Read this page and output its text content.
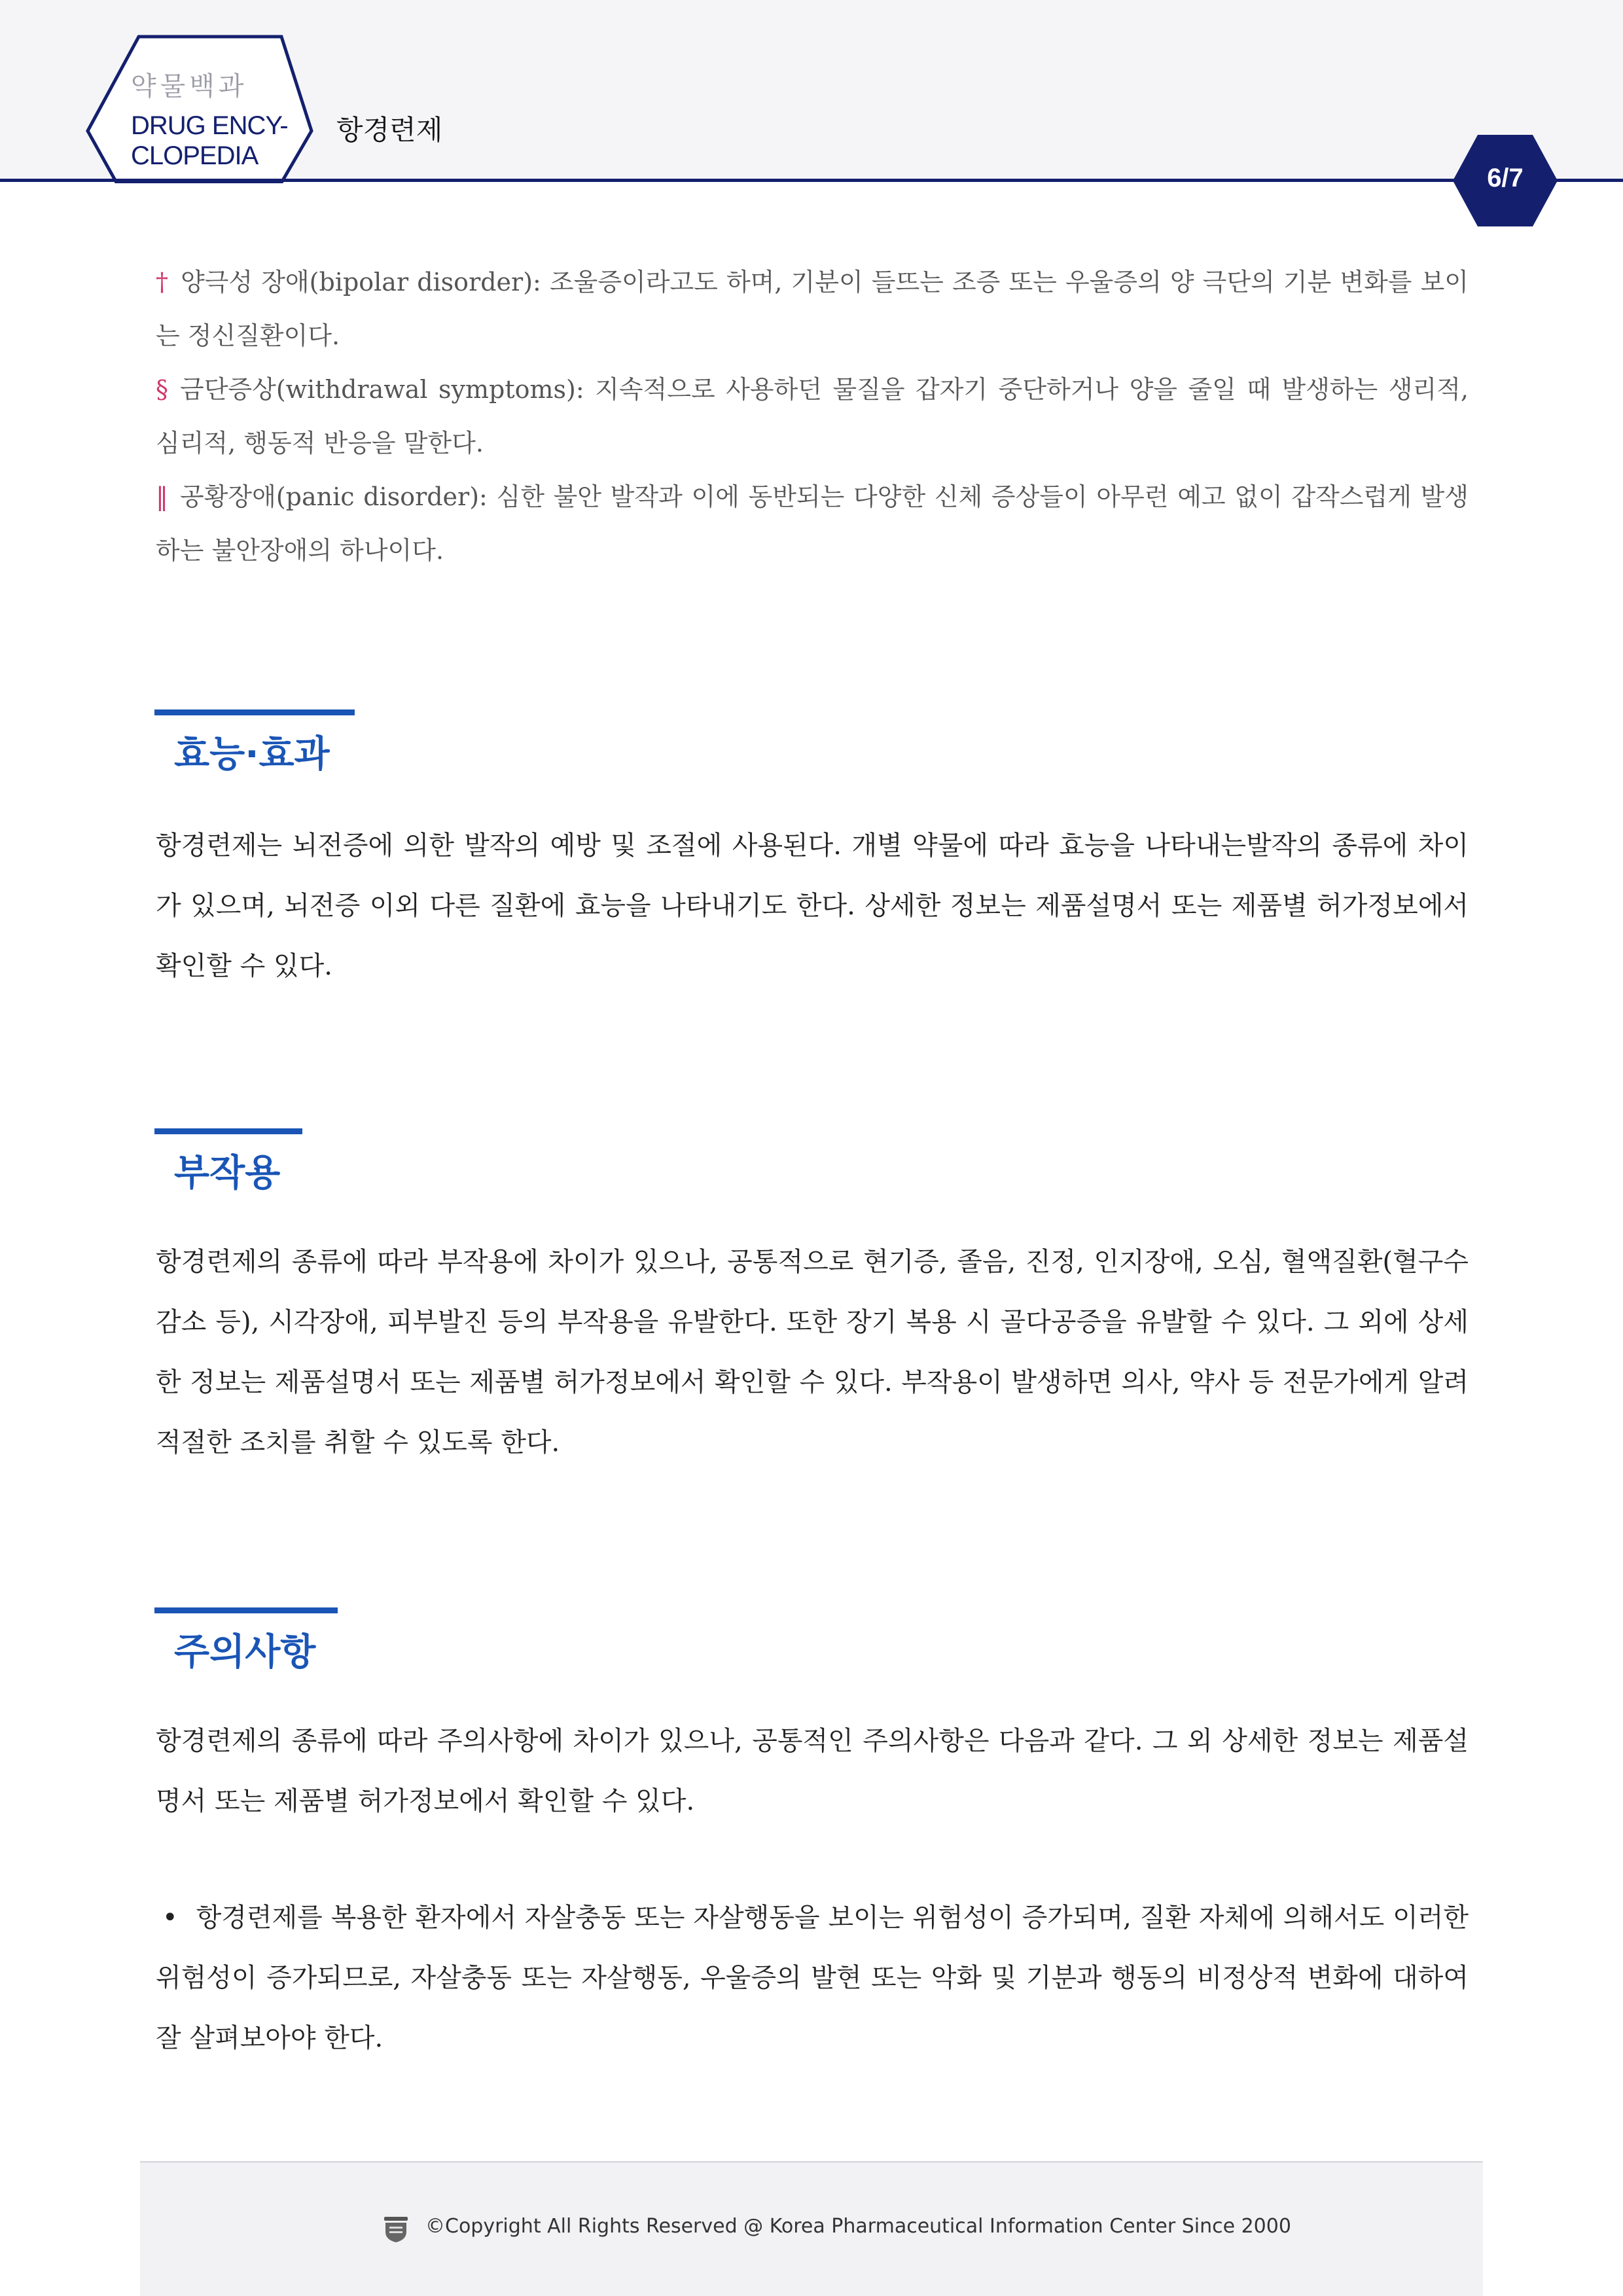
약물백과
DRUG ENCY-
CLOPEDIA
항경련제
6/7
† 양극성 장애(bipolar disorder): 조울증이라고도 하며, 기분이 들뜨는 조증 또는 우울증의 양 극단의 기분 변화를 보이는 정신질환이다.
§ 금단증상(withdrawal symptoms): 지속적으로 사용하던 물질을 갑자기 중단하거나 양을 줄일 때 발생하는 생리적, 심리적, 행동적 반응을 말한다.
‖ 공황장애(panic disorder): 심한 불안 발작과 이에 동반되는 다양한 신체 증상들이 아무런 예고 없이 갑작스럽게 발생하는 불안장애의 하나이다.
효능·효과
항경련제는 뇌전증에 의한 발작의 예방 및 조절에 사용된다. 개별 약물에 따라 효능을 나타내는발작의 종류에 차이가 있으며, 뇌전증 이외 다른 질환에 효능을 나타내기도 한다. 상세한 정보는 제품설명서 또는 제품별 허가정보에서 확인할 수 있다.
부작용
항경련제의 종류에 따라 부작용에 차이가 있으나, 공통적으로 현기증, 졸음, 진정, 인지장애, 오심, 혈액질환(혈구수 감소 등), 시각장애, 피부발진 등의 부작용을 유발한다. 또한 장기 복용 시 골다공증을 유발할 수 있다. 그 외에 상세한 정보는 제품설명서 또는 제품별 허가정보에서 확인할 수 있다. 부작용이 발생하면 의사, 약사 등 전문가에게 알려 적절한 조치를 취할 수 있도록 한다.
주의사항
항경련제의 종류에 따라 주의사항에 차이가 있으나, 공통적인 주의사항은 다음과 같다. 그 외 상세한 정보는 제품설명서 또는 제품별 허가정보에서 확인할 수 있다.
• 항경련제를 복용한 환자에서 자살충동 또는 자살행동을 보이는 위험성이 증가되며, 질환 자체에 의해서도 이러한 위험성이 증가되므로, 자살충동 또는 자살행동, 우울증의 발현 또는 악화 및 기분과 행동의 비정상적 변화에 대하여 잘 살펴보아야 한다.
©Copyright All Rights Reserved @ Korea Pharmaceutical Information Center Since 2000
